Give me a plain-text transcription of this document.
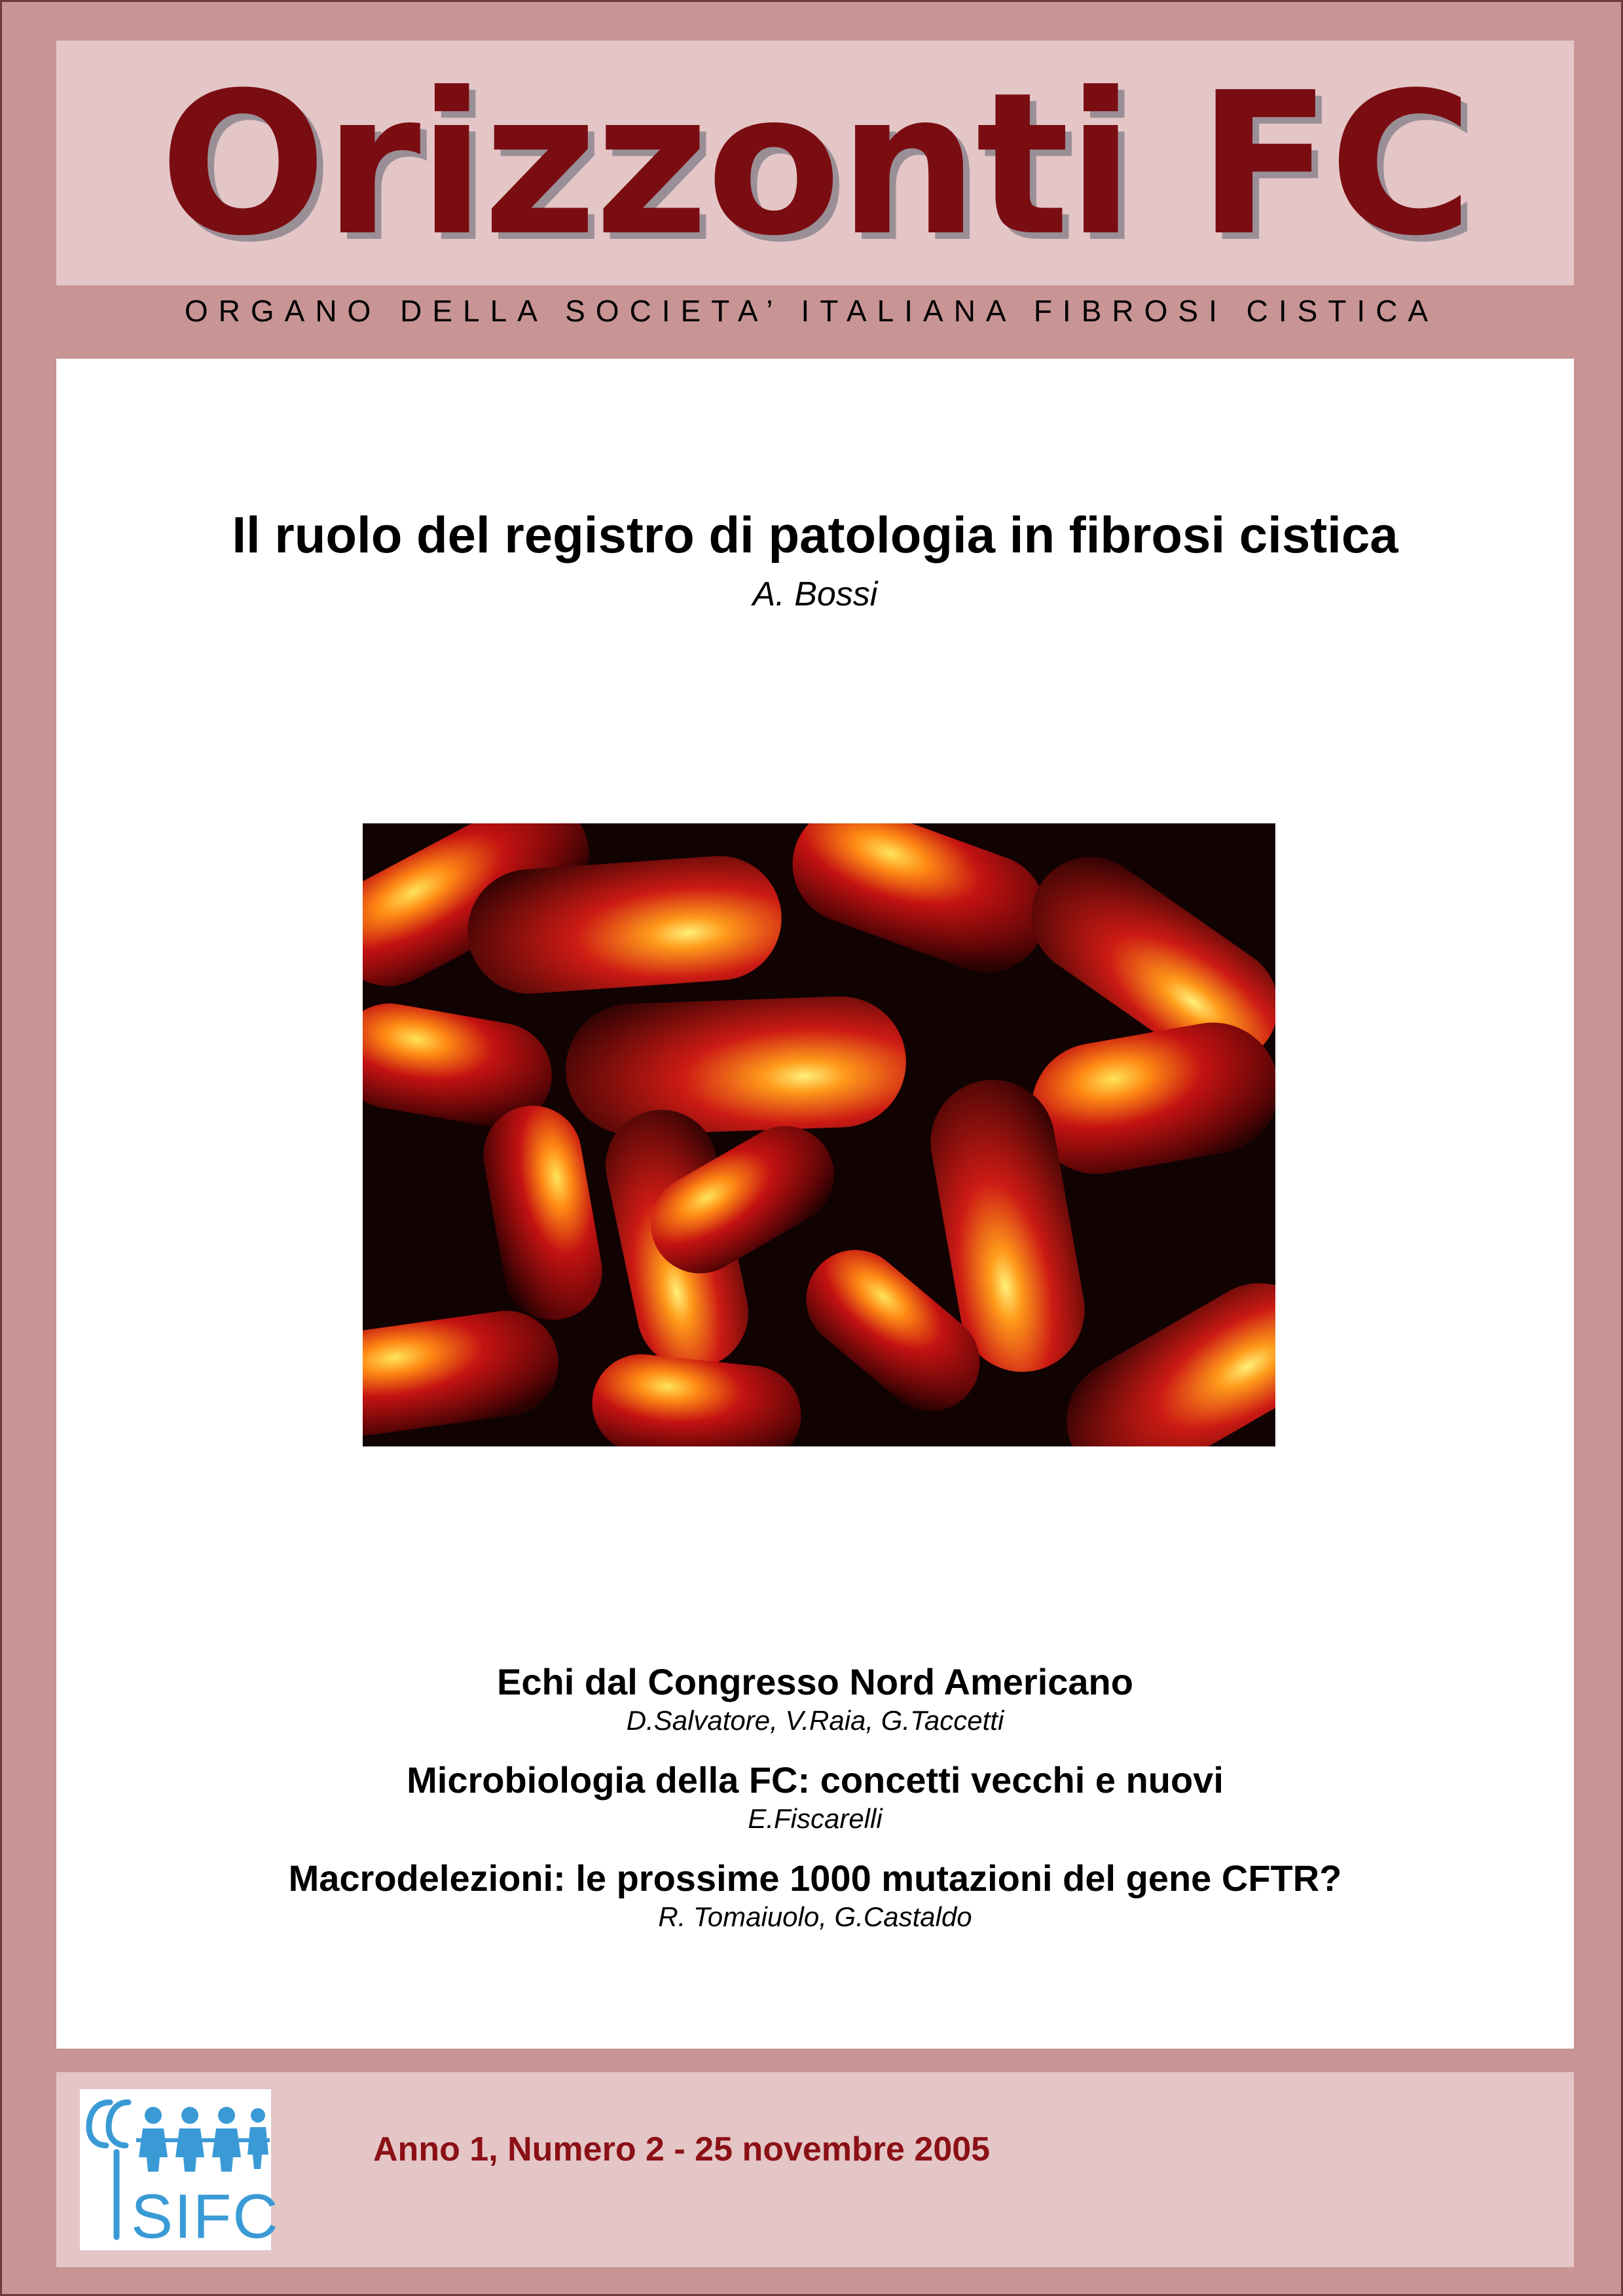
Orizzonti FC
ORGANO DELLA SOCIETA’ ITALIANA FIBROSI CISTICA
Il ruolo del registro di patologia in fibrosi cistica
A. Bossi
Echi dal Congresso Nord Americano
D.Salvatore, V.Raia, G.Taccetti
Microbiologia della FC: concetti vecchi e nuovi
E.Fiscarelli
Macrodelezioni: le prossime 1000 mutazioni del gene CFTR?
R. Tomaiuolo, G.Castaldo
SIFC
Anno 1, Numero 2 - 25 novembre 2005
